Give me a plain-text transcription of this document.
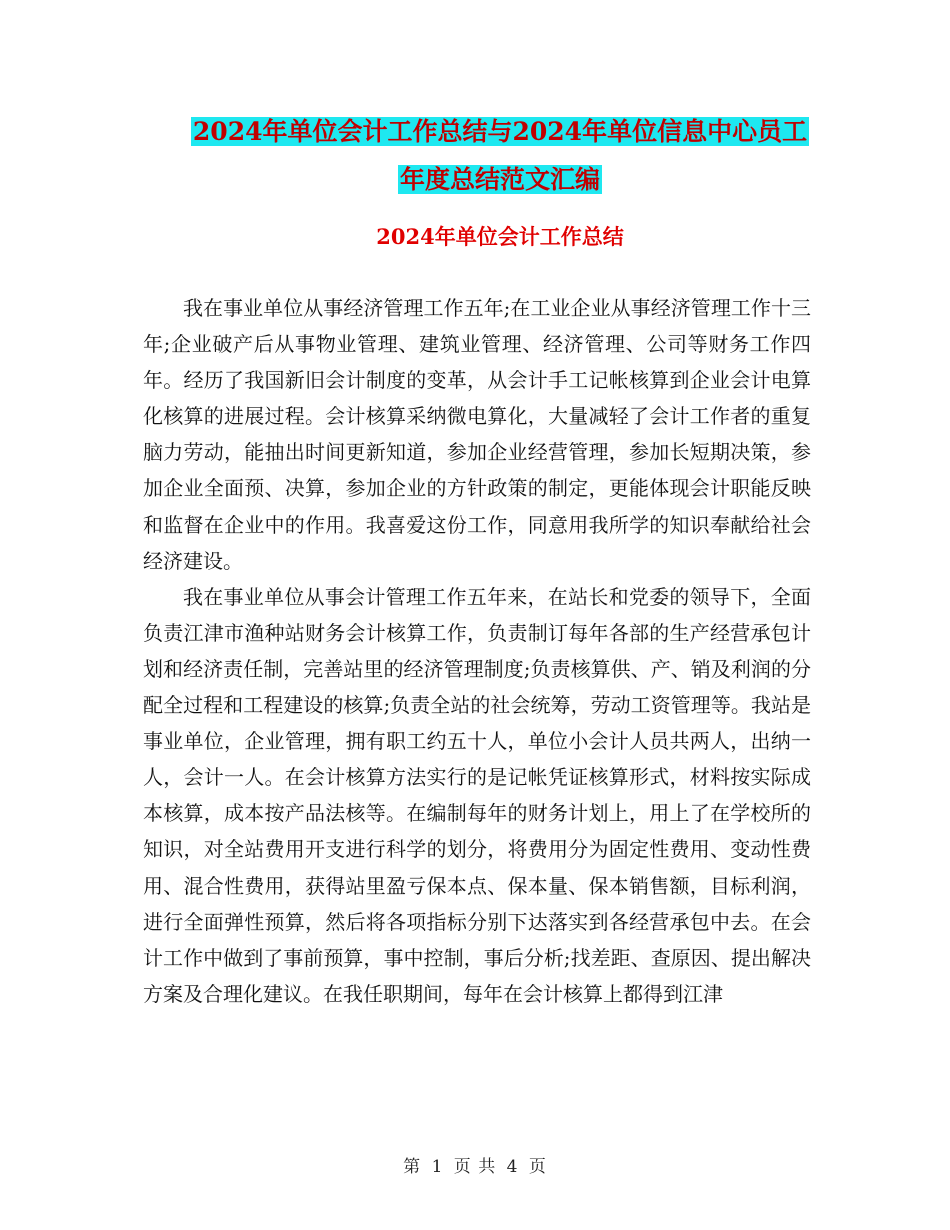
2024年单位会计工作总结与2024年单位信息中心员工
年度总结范文汇编
2024年单位会计工作总结

我在事业单位从事经济管理工作五年;在工业企业从事经济管理工作十三年;企业破产后从事物业管理、建筑业管理、经济管理、公司等财务工作四年。经历了我国新旧会计制度的变革，从会计手工记帐核算到企业会计电算化核算的进展过程。会计核算采纳微电算化，大量减轻了会计工作者的重复脑力劳动，能抽出时间更新知道，参加企业经营管理，参加长短期决策，参加企业全面预、决算，参加企业的方针政策的制定，更能体现会计职能反映和监督在企业中的作用。我喜爱这份工作，同意用我所学的知识奉献给社会经济建设。

我在事业单位从事会计管理工作五年来，在站长和党委的领导下，全面负责江津市渔种站财务会计核算工作，负责制订每年各部的生产经营承包计划和经济责任制，完善站里的经济管理制度;负责核算供、产、销及利润的分配全过程和工程建设的核算;负责全站的社会统筹，劳动工资管理等。我站是事业单位，企业管理，拥有职工约五十人，单位小会计人员共两人，出纳一人，会计一人。在会计核算方法实行的是记帐凭证核算形式，材料按实际成本核算，成本按产品法核等。在编制每年的财务计划上，用上了在学校所的知识，对全站费用开支进行科学的划分，将费用分为固定性费用、变动性费用、混合性费用，获得站里盈亏保本点、保本量、保本销售额，目标利润，进行全面弹性预算，然后将各项指标分别下达落实到各经营承包中去。在会计工作中做到了事前预算，事中控制，事后分析;找差距、查原因、提出解决方案及合理化建议。在我任职期间，每年在会计核算上都得到江津

第 1 页 共 4 页
